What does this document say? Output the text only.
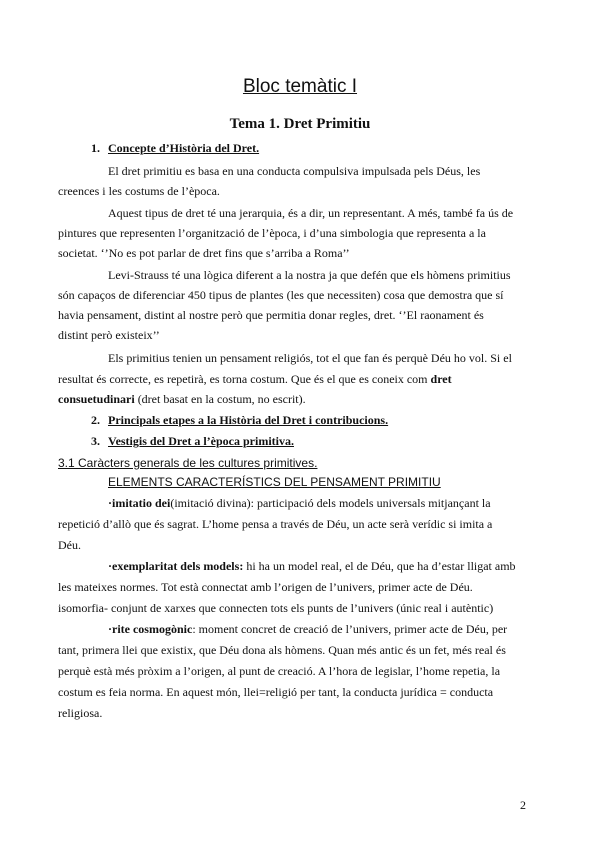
Bloc temàtic I
Tema 1. Dret Primitiu
1. Concepte d’Història del Dret.
El dret primitiu es basa en una conducta compulsiva impulsada pels Déus, les
creences i les costums de l’època.
Aquest tipus de dret té una jerarquia, és a dir, un representant. A més, també fa ús de
pintures que representen l’organització de l’època, i d’una simbologia que representa a la
societat. ‘’No es pot parlar de dret fins que s’arriba a Roma’’
Levi-Strauss té una lògica diferent a la nostra ja que defén que els hòmens primitius
són capaços de diferenciar 450 tipus de plantes (les que necessiten) cosa que demostra que sí
havia pensament, distint al nostre però que permitia donar regles, dret. ‘’El raonament és
distint però existeix’’
Els primitius tenien un pensament religiós, tot el que fan és perquè Déu ho vol. Si el
resultat és correcte, es repetirà, es torna costum. Que és el que es coneix com dret
consuetudinari (dret basat en la costum, no escrit).
2. Principals etapes a la Història del Dret i contribucions.
3. Vestigis del Dret a l’època primitiva.
3.1 Caràcters generals de les cultures primitives.
ELEMENTS CARACTERÍSTICS DEL PENSAMENT PRIMITIU
·imitatio dei(imitació divina): participació dels models universals mitjançant la
repetició d’allò que és sagrat. L’home pensa a través de Déu, un acte serà verídic si imita a
Déu.
·exemplaritat dels models: hi ha un model real, el de Déu, que ha d’estar lligat amb
les mateixes normes. Tot està connectat amb l’origen de l’univers, primer acte de Déu.
isomorfia- conjunt de xarxes que connecten tots els punts de l’univers (únic real i autèntic)
·rite cosmogònic: moment concret de creació de l’univers, primer acte de Déu, per
tant, primera llei que existix, que Déu dona als hòmens. Quan més antic és un fet, més real és
perquè està més pròxim a l’origen, al punt de creació. A l’hora de legislar, l’home repetia, la
costum es feia norma. En aquest món, llei=religió per tant, la conducta jurídica = conducta
religiosa.
2
